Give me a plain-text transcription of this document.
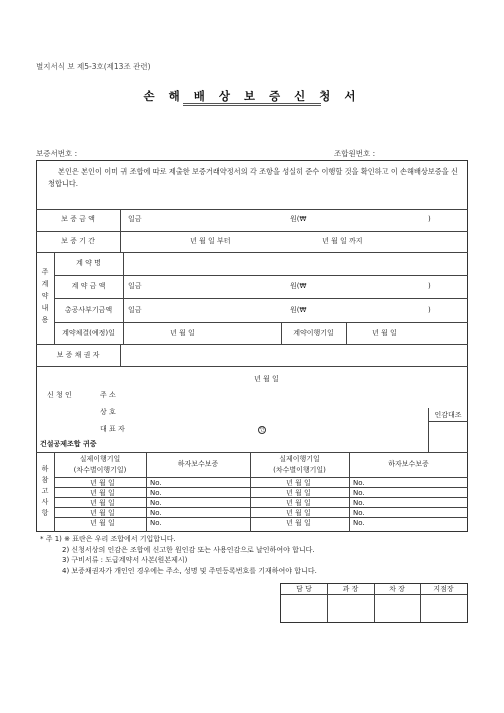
별지서식 보 제5-3호(제13조 관련)
손 해 배 상 보 증 신 청 서
보증서번호 :	조합원번호 :
본인은 본인이 이미 귀 조합에 따로 제출한 보증거래약정서의 각 조항을 성실히 준수 이행할 것을 확인하고 이 손해배상보증을 신청합니다.
보 증 금 액	일금	원(₩	)
보 증 기 간	년 월 일 부터	년 월 일 까지
주
계
약
내
용
계 약 명
계 약 금 액	일금	원(₩	)
총공사부기금액	일금	원(₩	)
계약체결(예정)일	년 월 일	계약이행기일	년 월 일
보 증 채 권 자
년 월 일
신 청 인	주 소
상 호
대 표 자	인
인감대조
건설공제조합 귀중
하
참
고
사
항
실제이행기일
(차수별이행기일)
하자보수보증
실제이행기일
(차수별이행기일)
하자보수보증
년 월 일	No.	년 월 일	No.
년 월 일	No.	년 월 일	No.
년 월 일	No.	년 월 일	No.
년 월 일	No.	년 월 일	No.
년 월 일	No.	년 월 일	No.
* 주 1) ※ 표란은 우리 조합에서 기입합니다.
2) 신청서상의 인감은 조합에 신고한 원인감 또는 사용인감으로 날인하여야 합니다.
3) 구비서류 : 도급계약서 사본(원본제시)
4) 보증채권자가 개인인 경우에는 주소, 성명 및 주민등록번호를 기재하여야 합니다.
담 당	과 장	차 장	지점장
